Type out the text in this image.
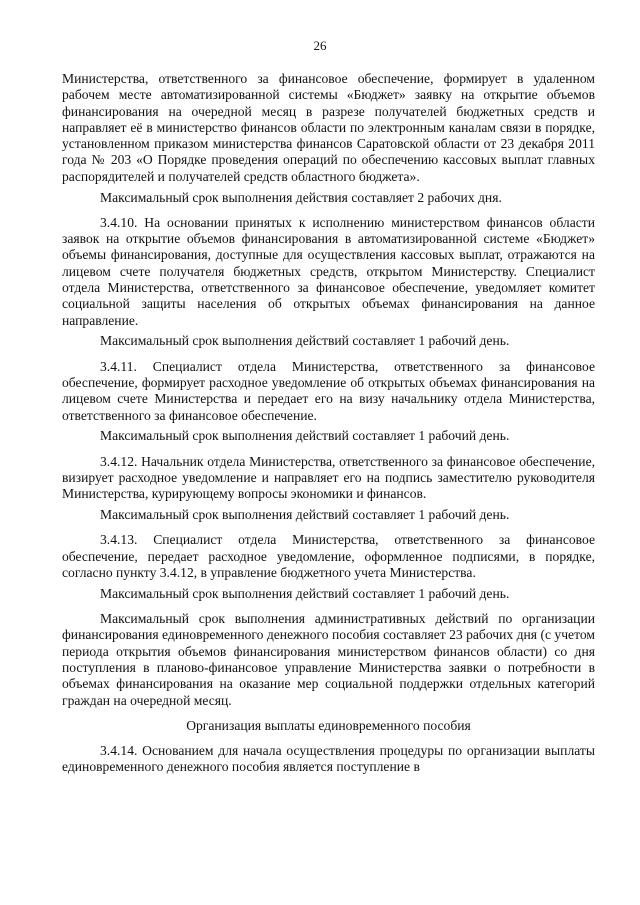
26

Министерства, ответственного за финансовое обеспечение, формирует в удаленном рабочем месте автоматизированной системы «Бюджет» заявку на открытие объемов финансирования на очередной месяц в разрезе получателей бюджетных средств и направляет её в министерство финансов области по электронным каналам связи в порядке, установленном приказом министерства финансов Саратовской области от 23 декабря 2011 года № 203 «О Порядке проведения операций по обеспечению кассовых выплат главных распорядителей и получателей средств областного бюджета».

Максимальный срок выполнения действия составляет 2 рабочих дня.

3.4.10. На основании принятых к исполнению министерством финансов области заявок на открытие объемов финансирования в автоматизированной системе «Бюджет» объемы финансирования, доступные для осуществления кассовых выплат, отражаются на лицевом счете получателя бюджетных средств, открытом Министерству. Специалист отдела Министерства, ответственного за финансовое обеспечение, уведомляет комитет социальной защиты населения об открытых объемах финансирования на данное направление.

Максимальный срок выполнения действий составляет 1 рабочий день.

3.4.11. Специалист отдела Министерства, ответственного за финансовое обеспечение, формирует расходное уведомление об открытых объемах финансирования на лицевом счете Министерства и передает его на визу начальнику отдела Министерства, ответственного за финансовое обеспечение.

Максимальный срок выполнения действий составляет 1 рабочий день.

3.4.12. Начальник отдела Министерства, ответственного за финансовое обеспечение, визирует расходное уведомление и направляет его на подпись заместителю руководителя Министерства, курирующему вопросы экономики и финансов.

Максимальный срок выполнения действий составляет 1 рабочий день.

3.4.13. Специалист отдела Министерства, ответственного за финансовое обеспечение, передает расходное уведомление, оформленное подписями, в порядке, согласно пункту 3.4.12, в управление бюджетного учета Министерства.

Максимальный срок выполнения действий составляет 1 рабочий день.

Максимальный срок выполнения административных действий по организации финансирования единовременного денежного пособия составляет 23 рабочих дня (с учетом периода открытия объемов финансирования министерством финансов области) со дня поступления в планово-финансовое управление Министерства заявки о потребности в объемах финансирования на оказание мер социальной поддержки отдельных категорий граждан на очередной месяц.

Организация выплаты единовременного пособия

3.4.14. Основанием для начала осуществления процедуры по организации выплаты единовременного денежного пособия является поступление в
